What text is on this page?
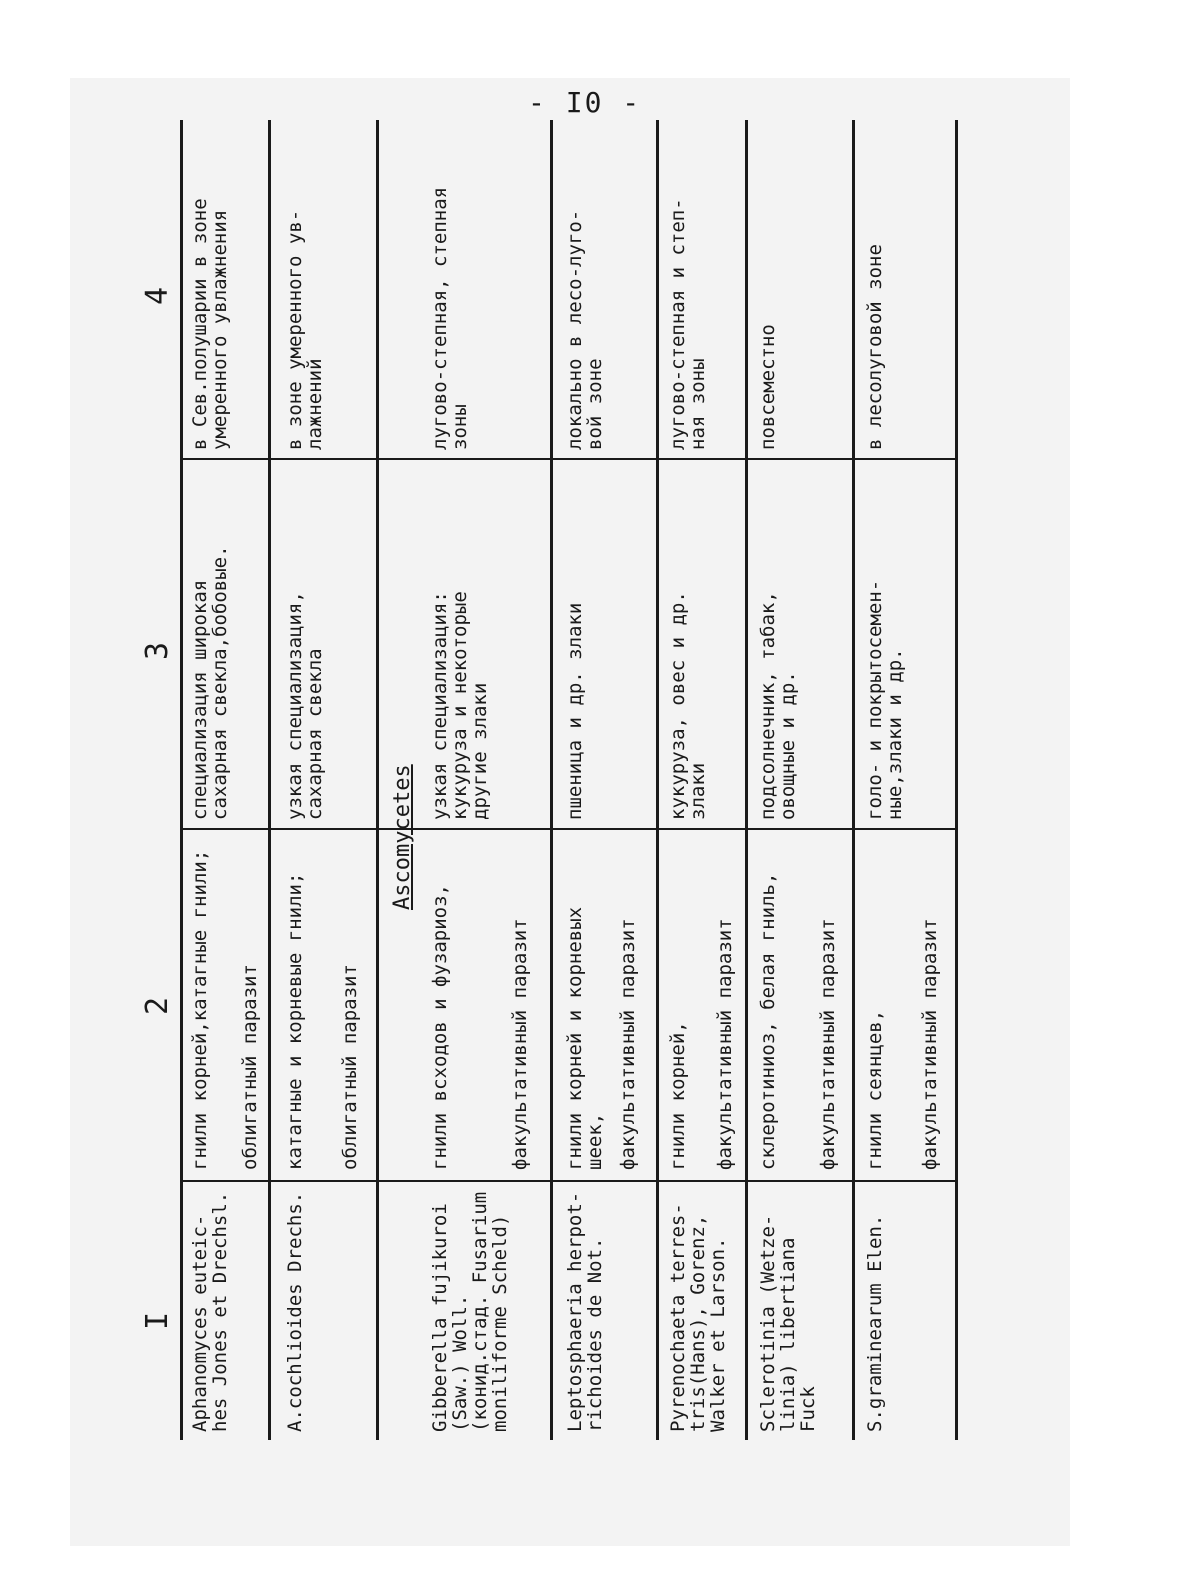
- I0 -
I
2
3
4
Aphanomyces euteic-
hes Jones et Drechsl.
гнили корней,катагные гнили; облигатный паразит
специализация широкая
сахарная свекла,бобовые.
в Сев.полушарии в зоне
умеренного увлажнения
A.cochlioides Drechs.
катагные и корневые гнили; облигатный паразит
узкая специализация,
сахарная свекла
в зоне умеренного ув-
лажнений
Ascomycetes
Gibberella fujikuroi
(Saw.) Woll.
(конид.стад. Fusarium
moniliforme Scheld)
гнили всходов и фузариоз,	факультативный паразит
узкая специализация:
кукуруза и некоторые
другие злаки
лугово-степная, степная
зоны
Leptosphaeria herpot-
richoides de Not.
гнили корней и корневых
шеек, факультативный паразит
пшеница и др. злаки
локально в лесо-луго-
вой зоне
Pyrenochaeta terres-
tris(Hans), Gorenz,
Walker et Larson.
гнили корней, факультативный паразит
кукуруза, овес и др.
злаки
лугово-степная и степ-
ная зоны
Sclerotinia (Wetze-
linia) libertiana
Fuck
склеротиниоз, белая гниль, факультативный паразит
подсолнечник, табак,
овощные и др.
повсеместно
S.graminearum Elen.
гнили сеянцев, факультативный паразит
голо- и покрытосемен-
ные,злаки и др.
в лесолуговой зоне
